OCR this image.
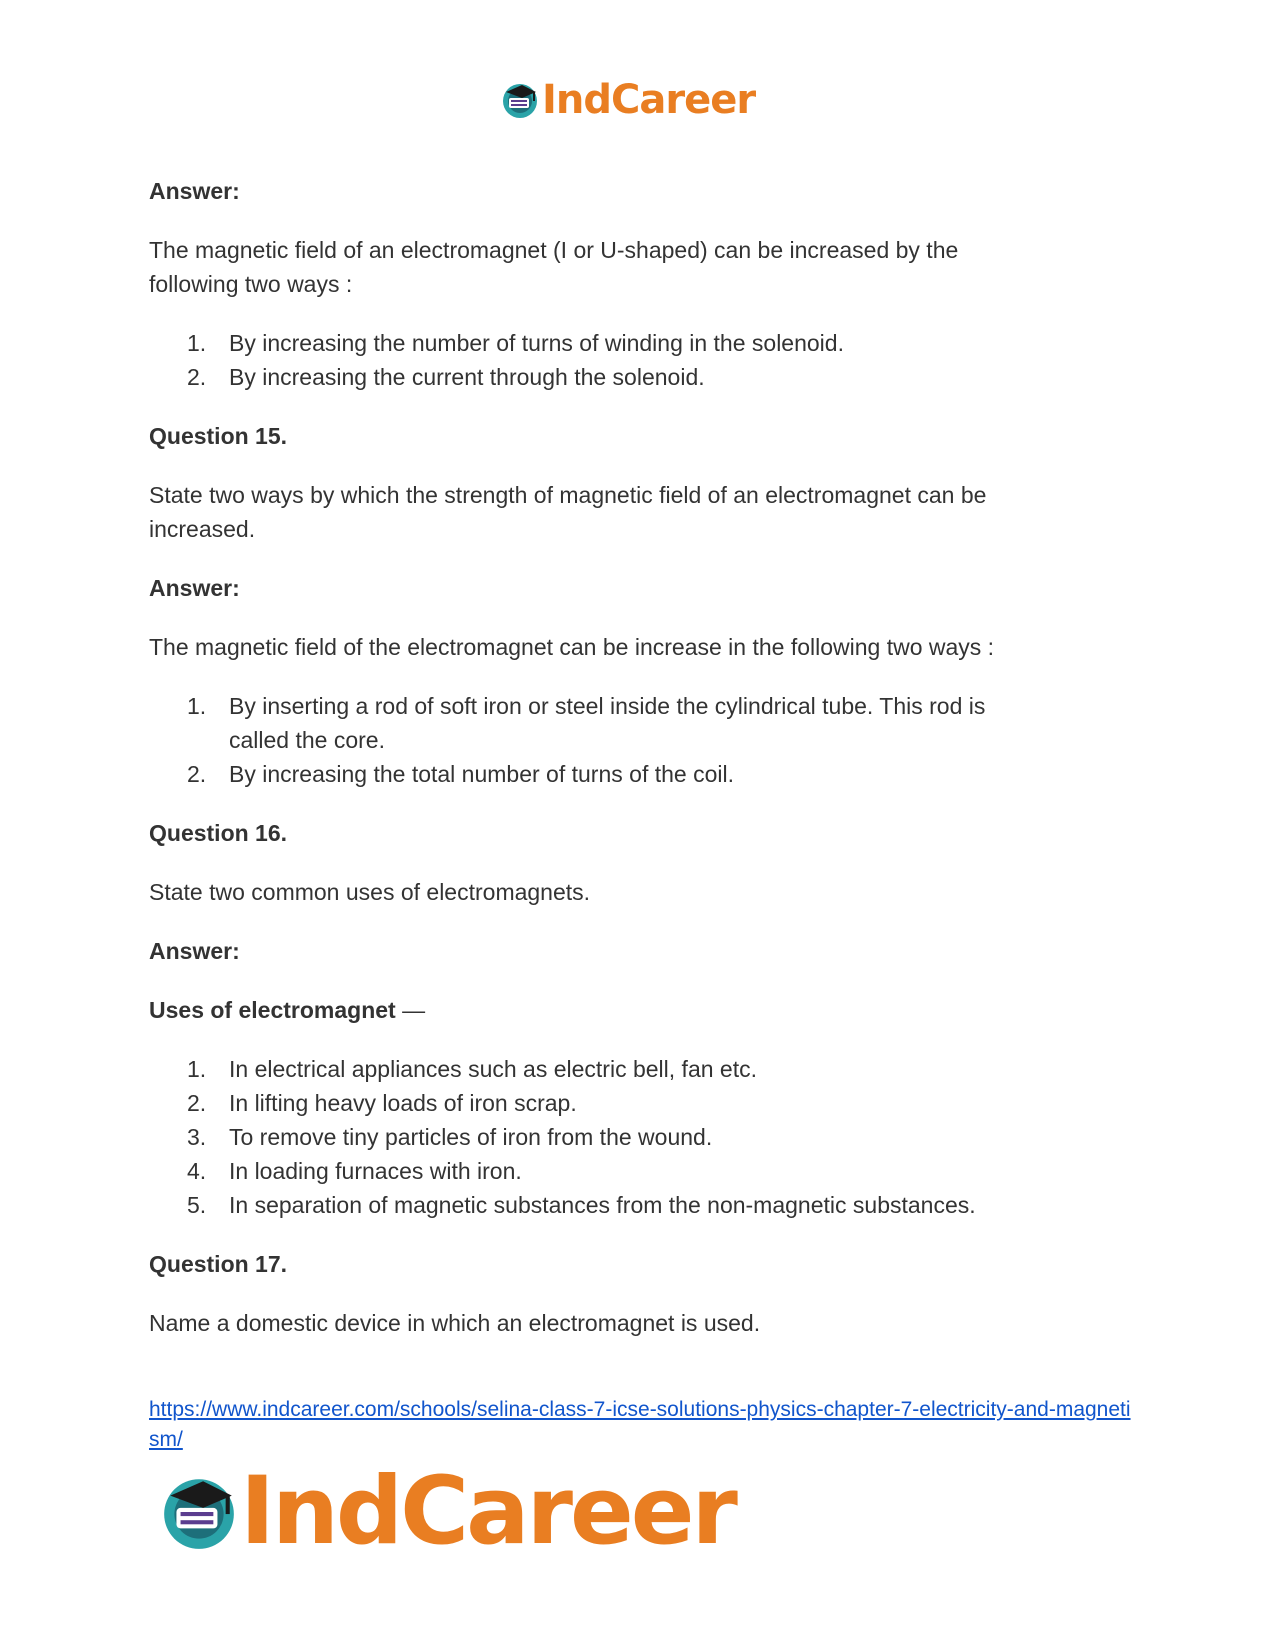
IndCareer

Answer:

The magnetic field of an electromagnet (I or U-shaped) can be increased by the following two ways :

1. By increasing the number of turns of winding in the solenoid.
2. By increasing the current through the solenoid.

Question 15.

State two ways by which the strength of magnetic field of an electromagnet can be increased.

Answer:

The magnetic field of the electromagnet can be increase in the following two ways :

1. By inserting a rod of soft iron or steel inside the cylindrical tube. This rod is called the core.
2. By increasing the total number of turns of the coil.

Question 16.

State two common uses of electromagnets.

Answer:

Uses of electromagnet —

1. In electrical appliances such as electric bell, fan etc.
2. In lifting heavy loads of iron scrap.
3. To remove tiny particles of iron from the wound.
4. In loading furnaces with iron.
5. In separation of magnetic substances from the non-magnetic substances.

Question 17.

Name a domestic device in which an electromagnet is used.

https://www.indcareer.com/schools/selina-class-7-icse-solutions-physics-chapter-7-electricity-and-magnetism/
IndCareer
